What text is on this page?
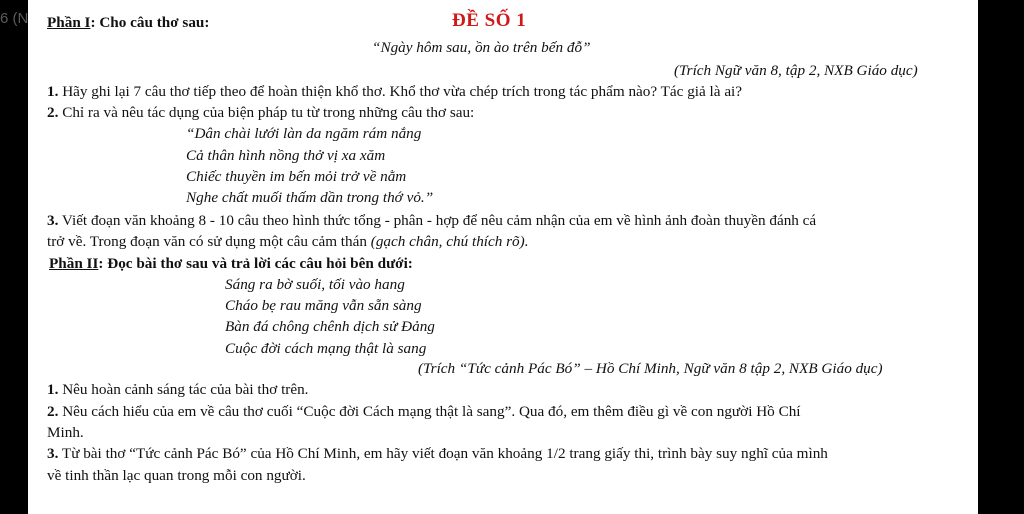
6 (N	Phần I: Cho câu thơ sau:	ĐỀ SỐ 1
“Ngày hôm sau, ồn ào trên bến đỗ”
(Trích Ngữ văn 8, tập 2, NXB Giáo dục)
1. Hãy ghi lại 7 câu thơ tiếp theo để hoàn thiện khổ thơ. Khổ thơ vừa chép trích trong tác phẩm nào? Tác giả là ai?
2. Chỉ ra và nêu tác dụng của biện pháp tu từ trong những câu thơ sau:
“Dân chài lưới làn da ngăm rám nắng
Cả thân hình nồng thở vị xa xăm
Chiếc thuyền im bến mỏi trở về nằm
Nghe chất muối thấm dần trong thớ vỏ.”
3. Viết đoạn văn khoảng 8 - 10 câu theo hình thức tổng - phân - hợp để nêu cảm nhận của em về hình ảnh đoàn thuyền đánh cá
trở về. Trong đoạn văn có sử dụng một câu cảm thán (gạch chân, chú thích rõ).
Phần II: Đọc bài thơ sau và trả lời các câu hỏi bên dưới:
Sáng ra bờ suối, tối vào hang
Cháo bẹ rau măng vẫn sẵn sàng
Bàn đá chông chênh dịch sử Đảng
Cuộc đời cách mạng thật là sang
(Trích “Tức cảnh Pác Bó” – Hồ Chí Minh, Ngữ văn 8 tập 2, NXB Giáo dục)
1. Nêu hoàn cảnh sáng tác của bài thơ trên.
2. Nêu cách hiểu của em về câu thơ cuối “Cuộc đời Cách mạng thật là sang”. Qua đó, em thêm điều gì về con người Hồ Chí
Minh.
3. Từ bài thơ “Tức cảnh Pác Bó” của Hồ Chí Minh, em hãy viết đoạn văn khoảng 1/2 trang giấy thi, trình bày suy nghĩ của mình
về tinh thần lạc quan trong mỗi con người.
